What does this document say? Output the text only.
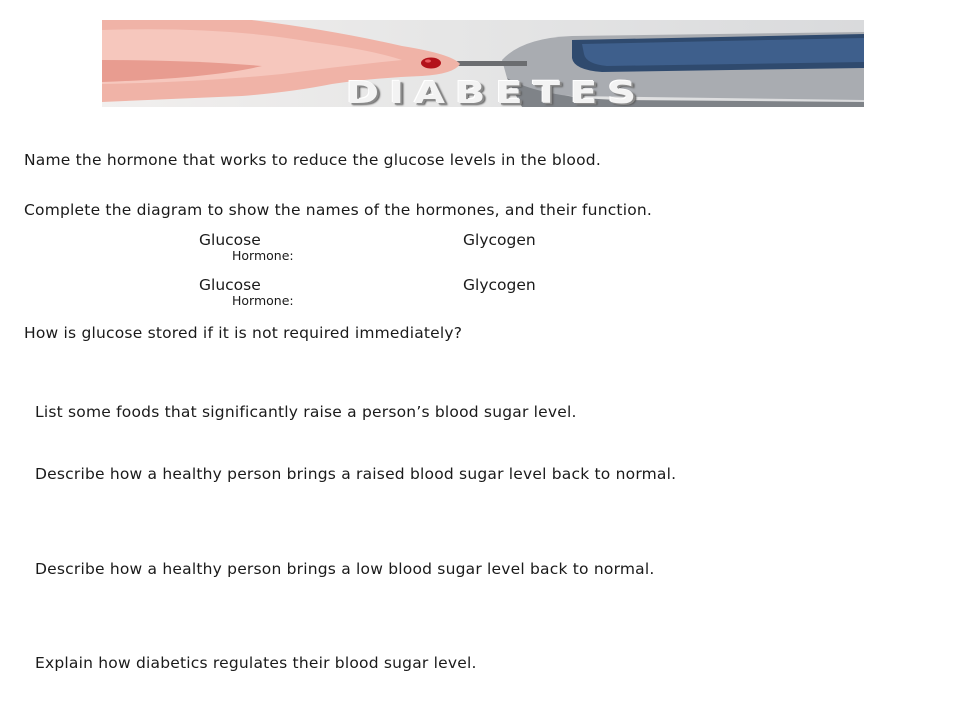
DIABETES
Name the hormone that works to reduce the glucose levels in the blood.
Complete the diagram to show the names of the hormones, and their function.
Glucose
Hormone:
Glycogen
Glucose
Hormone:
Glycogen
How is glucose stored if it is not required immediately?
List some foods that significantly raise a person’s blood sugar level.
Describe how a healthy person brings a raised blood sugar level back to normal.
Describe how a healthy person brings a low blood sugar level back to normal.
Explain how diabetics regulates their blood sugar level.
